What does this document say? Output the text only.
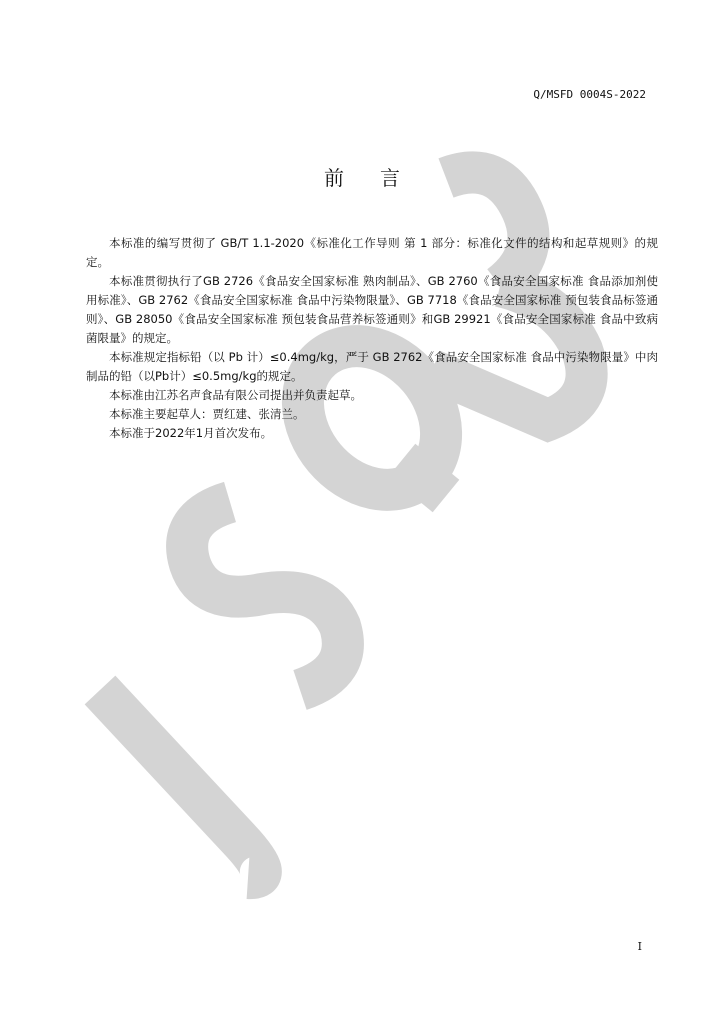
Q/MSFD 0004S-2022
前言

本标准的编写贯彻了 GB/T 1.1-2020《标准化工作导则 第 1 部分：标准化文件的结构和起草规则》的规定。

本标准贯彻执行了GB 2726《食品安全国家标准 熟肉制品》、GB 2760《食品安全国家标准 食品添加剂使用标准》、GB 2762《食品安全国家标准 食品中污染物限量》、GB 7718《食品安全国家标准 预包装食品标签通则》、GB 28050《食品安全国家标准 预包装食品营养标签通则》和GB 29921《食品安全国家标准 食品中致病菌限量》的规定。

本标准规定指标铅（以 Pb 计）≤0.4mg/kg，严于 GB 2762《食品安全国家标准 食品中污染物限量》中肉制品的铅（以Pb计）≤0.5mg/kg的规定。

本标准由江苏名声食品有限公司提出并负责起草。

本标准主要起草人：贾红建、张清兰。

本标准于2022年1月首次发布。

I
